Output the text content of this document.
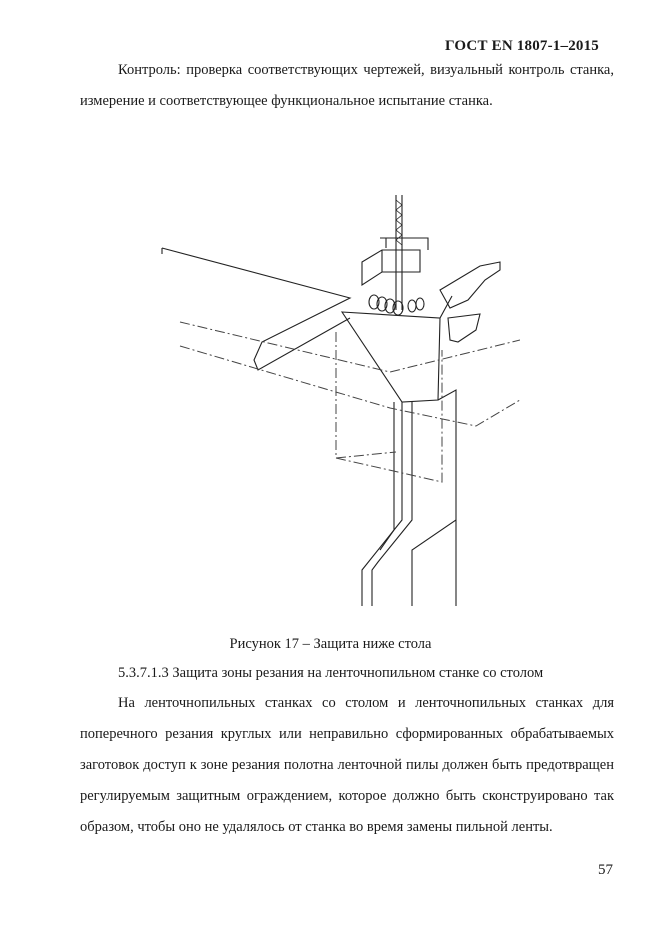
ГОСТ EN 1807-1–2015
Контроль: проверка соответствующих чертежей, визуальный контроль станка, измерение и соответствующее функциональное испытание станка.
Рисунок 17 – Защита ниже стола
5.3.7.1.3 Защита зоны резания на ленточнопильном станке со столом
На ленточнопильных станках со столом и ленточнопильных станках для поперечного резания круглых или неправильно сформированных обрабатываемых заготовок доступ к зоне резания полотна ленточной пилы должен быть предотвращен регулируемым защитным ограждением, которое должно быть сконструировано так образом, чтобы оно не удалялось от станка во время замены пильной ленты.
57
